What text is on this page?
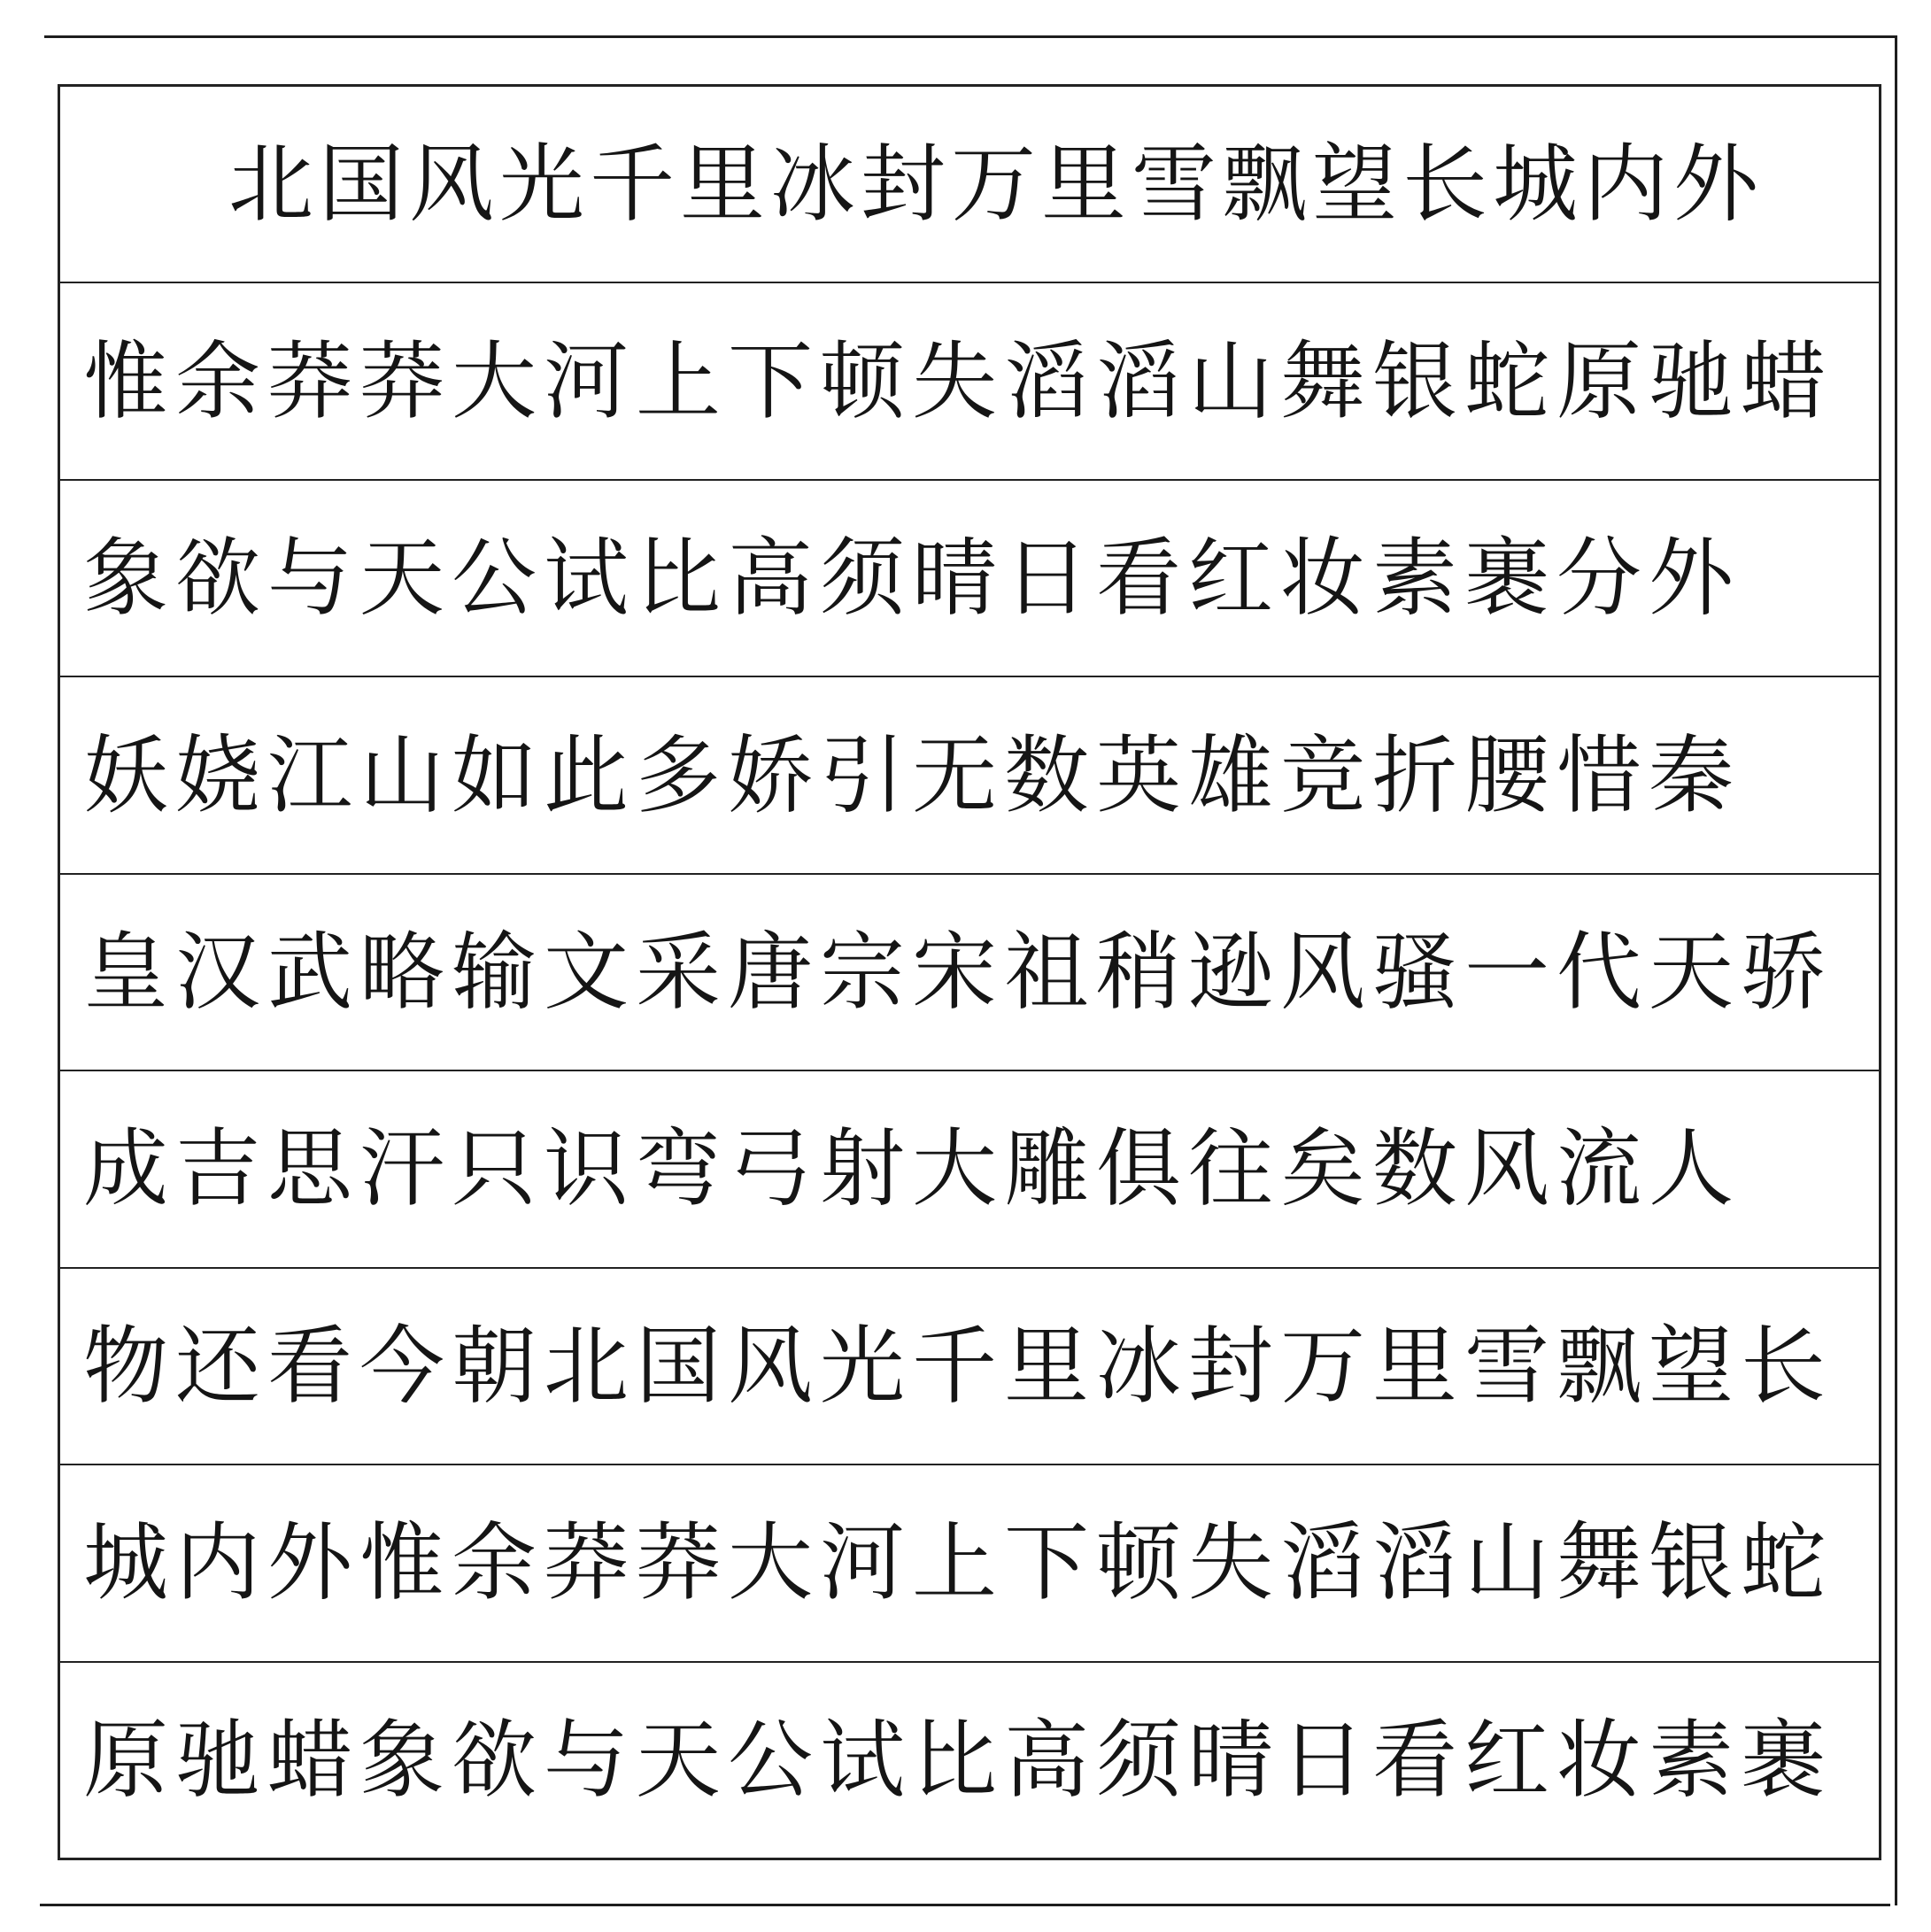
北国风光千里冰封万里雪飘望长城内外
惟余莽莽大河上下顿失滔滔山舞银蛇原驰蜡
象欲与天公试比高须晴日看红妆素裹分外
妖娆江山如此多娇引无数英雄竞折腰惜秦
皇汉武略输文采唐宗宋祖稍逊风骚一代天骄
成吉思汗只识弯弓射大雕俱往矣数风流人
物还看今朝北国风光千里冰封万里雪飘望长
城内外惟余莽莽大河上下顿失滔滔山舞银蛇
原驰蜡象欲与天公试比高须晴日看红妆素裹
